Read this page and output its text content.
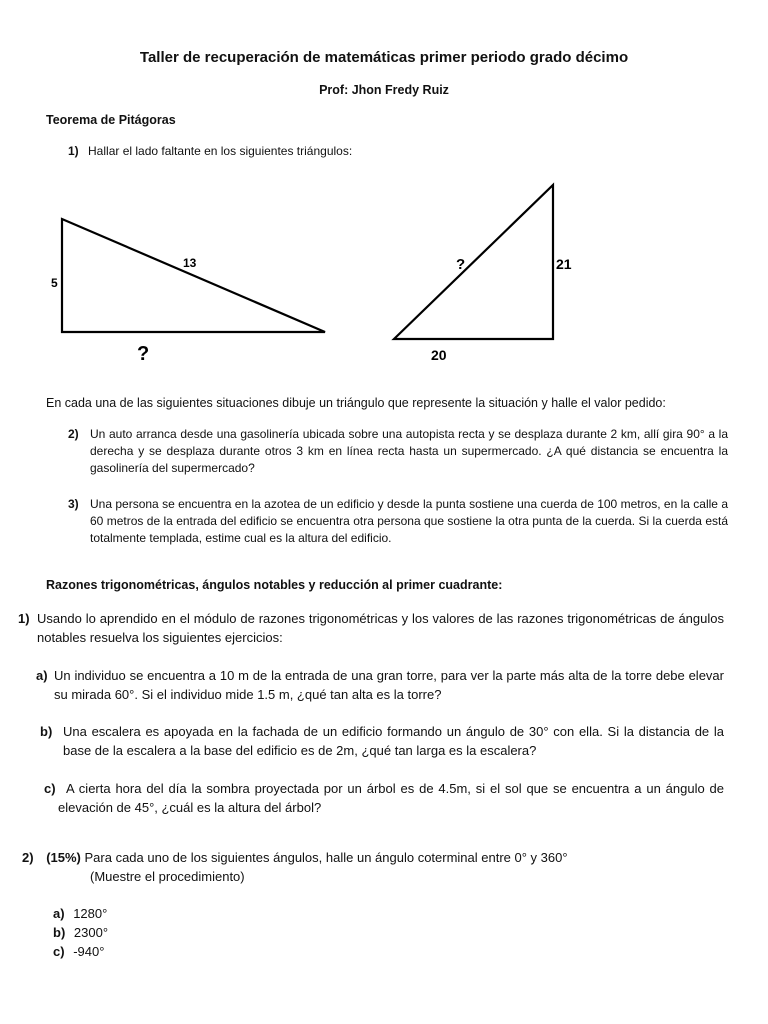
Taller de recuperación de matemáticas primer periodo grado décimo
Prof: Jhon Fredy Ruiz
Teorema de Pitágoras
1) Hallar el lado faltante en los siguientes triángulos:
5
13
?
?	21
20
En cada una de las siguientes situaciones dibuje un triángulo que represente la situación y halle el valor pedido:
2) Un auto arranca desde una gasolinería ubicada sobre una autopista recta y se desplaza durante 2 km, allí gira 90° a la derecha y se desplaza durante otros 3 km en línea recta hasta un supermercado. ¿A qué distancia se encuentra la gasolinería del supermercado?
3) Una persona se encuentra en la azotea de un edificio y desde la punta sostiene una cuerda de 100 metros, en la calle a 60 metros de la entrada del edificio se encuentra otra persona que sostiene la otra punta de la cuerda. Si la cuerda está totalmente templada, estime cual es la altura del edificio.
Razones trigonométricas, ángulos notables y reducción al primer cuadrante:
1) Usando lo aprendido en el módulo de razones trigonométricas y los valores de las razones trigonométricas de ángulos notables resuelva los siguientes ejercicios:
a) Un individuo se encuentra a 10 m de la entrada de una gran torre, para ver la parte más alta de la torre debe elevar su mirada 60°. Si el individuo mide 1.5 m, ¿qué tan alta es la torre?
b) Una escalera es apoyada en la fachada de un edificio formando un ángulo de 30° con ella. Si la distancia de la base de la escalera a la base del edificio es de 2m, ¿qué tan larga es la escalera?
c) A cierta hora del día la sombra proyectada por un árbol es de 4.5m, si el sol que se encuentra a un ángulo de elevación de 45°, ¿cuál es la altura del árbol?
2) (15%) Para cada uno de los siguientes ángulos, halle un ángulo coterminal entre 0° y 360°
(Muestre el procedimiento)
a) 1280°
b) 2300°
c) -940°
